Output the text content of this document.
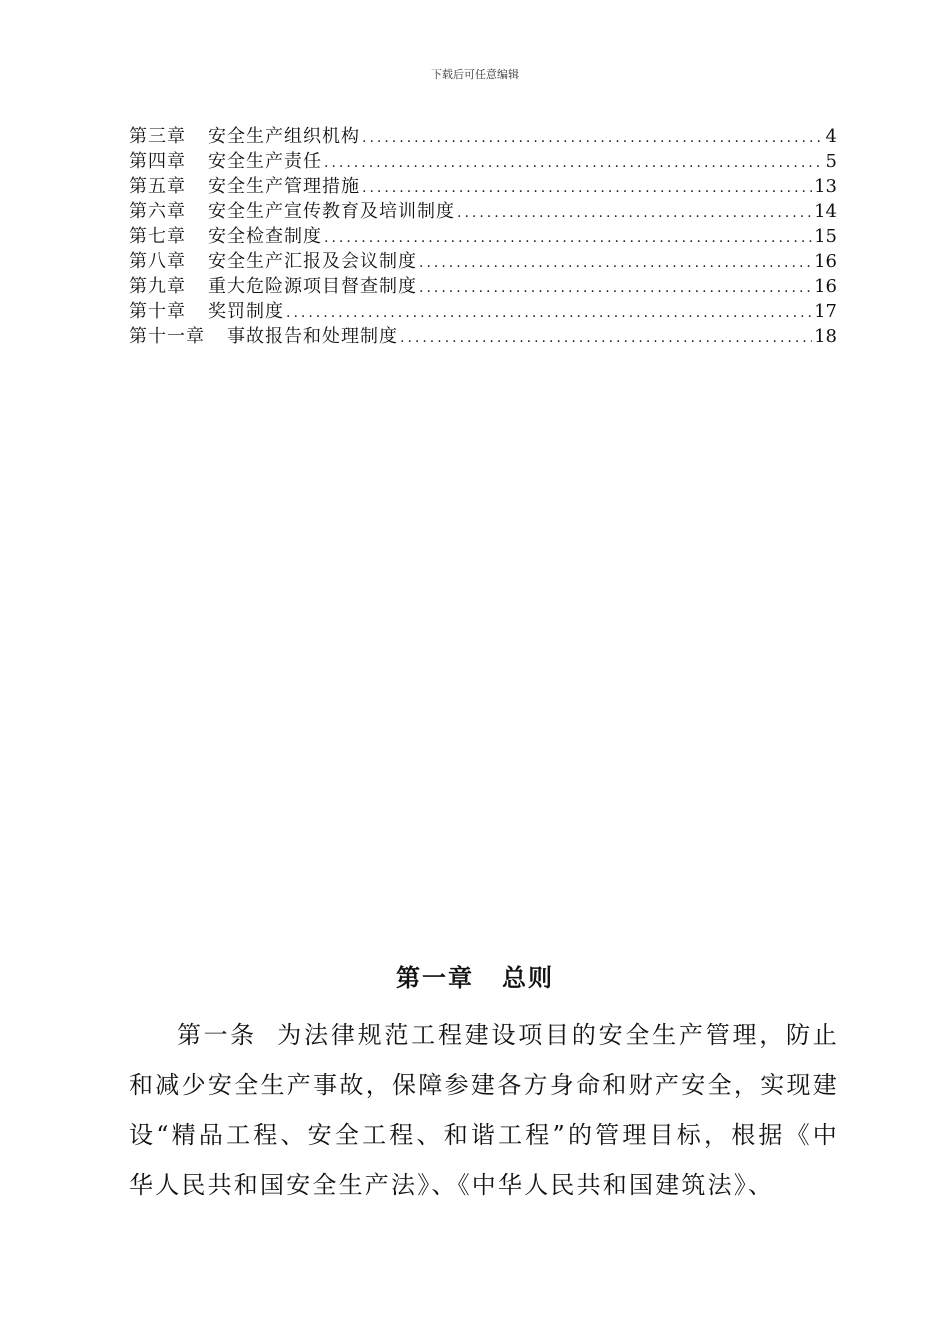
下载后可任意编辑
第三章 安全生产组织机构 .....	4
第四章 安全生产责任 .....	5
第五章 安全生产管理措施 .....	13
第六章 安全生产宣传教育及培训制度 .....	14
第七章 安全检查制度 .....	15
第八章 安全生产汇报及会议制度 .....	16
第九章 重大危险源项目督查制度 .....	16
第十章 奖罚制度 .....	17
第十一章 事故报告和处理制度 .....	18
第一章 总则

第一条 为法律规范工程建设项目的安全生产管理，防止和减少安全生产事故，保障参建各方身命和财产安全，实现建设“精品工程、安全工程、和谐工程”的管理目标，根据《中华人民共和国安全生产法》、《中华人民共和国建筑法》、
